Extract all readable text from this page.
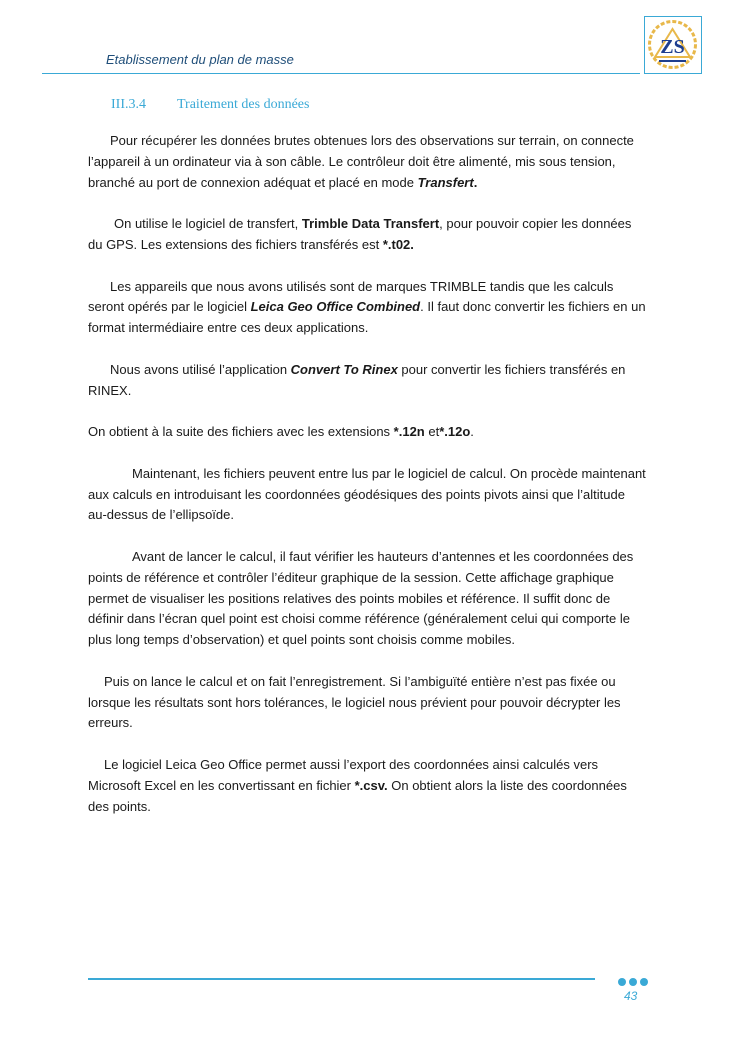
Etablissement du plan de masse
ZS
III.3.4 Traitement des données

Pour récupérer les données brutes obtenues lors des observations sur terrain, on connecte l’appareil à un ordinateur via à son câble. Le contrôleur doit être alimenté, mis sous tension, branché au port de connexion adéquat et placé en mode Transfert.

On utilise le logiciel de transfert, Trimble Data Transfert, pour pouvoir copier les données du GPS. Les extensions des fichiers transférés est *.t02.

Les appareils que nous avons utilisés sont de marques TRIMBLE tandis que les calculs seront opérés par le logiciel Leica Geo Office Combined. Il faut donc convertir les fichiers en un format intermédiaire entre ces deux applications.

Nous avons utilisé l’application Convert To Rinex pour convertir les fichiers transférés en RINEX.

On obtient à la suite des fichiers avec les extensions *.12n et*.12o.

Maintenant, les fichiers peuvent entre lus par le logiciel de calcul. On procède maintenant aux calculs en introduisant les coordonnées géodésiques des points pivots ainsi que l’altitude au-dessus de l’ellipsoïde.

Avant de lancer le calcul, il faut vérifier les hauteurs d’antennes et les coordonnées des points de référence et contrôler l’éditeur graphique de la session. Cette affichage graphique permet de visualiser les positions relatives des points mobiles et référence. Il suffit donc de définir dans l’écran quel point est choisi comme référence (généralement celui qui comporte le plus long temps d’observation) et quel points sont choisis comme mobiles.

Puis on lance le calcul et on fait l’enregistrement. Si l’ambiguïté entière n’est pas fixée ou lorsque les résultats sont hors tolérances, le logiciel nous prévient pour pouvoir décrypter les erreurs.

Le logiciel Leica Geo Office permet aussi l’export des coordonnées ainsi calculés vers Microsoft Excel en les convertissant en fichier *.csv. On obtient alors la liste des coordonnées des points.

43
